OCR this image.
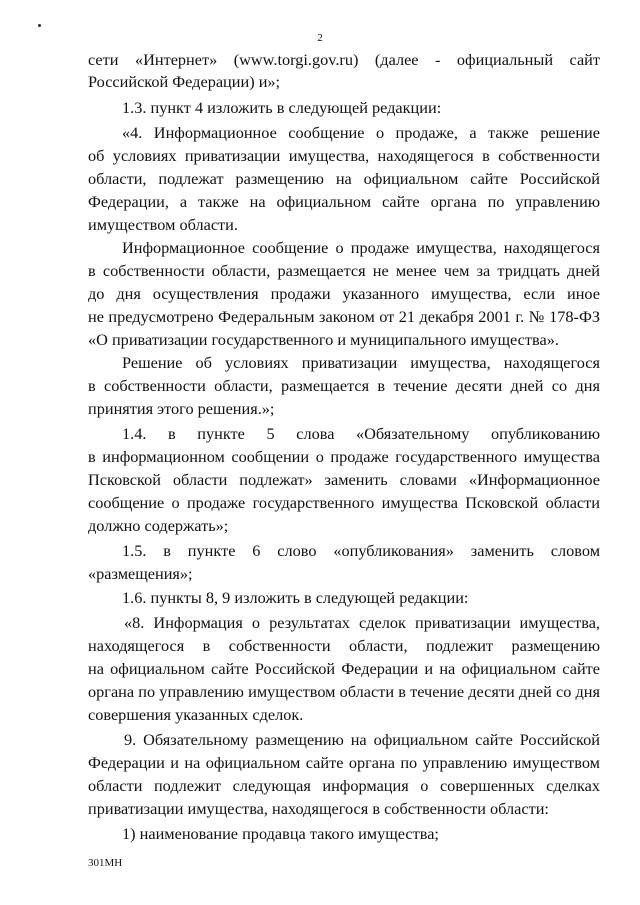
2
сети «Интернет» (www.torgi.gov.ru) (далее - официальный сайт
Российской Федерации) и»;
1.3. пункт 4 изложить в следующей редакции:
«4. Информационное сообщение о продаже, а также решение
об условиях приватизации имущества, находящегося в собственности
области, подлежат размещению на официальном сайте Российской
Федерации, а также на официальном сайте органа по управлению
имуществом области.
Информационное сообщение о продаже имущества, находящегося
в собственности области, размещается не менее чем за тридцать дней
до дня осуществления продажи указанного имущества, если иное
не предусмотрено Федеральным законом от 21 декабря 2001 г. № 178-ФЗ
«О приватизации государственного и муниципального имущества».
Решение об условиях приватизации имущества, находящегося
в собственности области, размещается в течение десяти дней со дня
принятия этого решения.»;
1.4. в пункте 5 слова «Обязательному опубликованию
в информационном сообщении о продаже государственного имущества
Псковской области подлежат» заменить словами «Информационное
сообщение о продаже государственного имущества Псковской области
должно содержать»;
1.5. в пункте 6 слово «опубликования» заменить словом
«размещения»;
1.6. пункты 8, 9 изложить в следующей редакции:
«8. Информация о результатах сделок приватизации имущества,
находящегося в собственности области, подлежит размещению
на официальном сайте Российской Федерации и на официальном сайте
органа по управлению имуществом области в течение десяти дней со дня
совершения указанных сделок.
9. Обязательному размещению на официальном сайте Российской
Федерации и на официальном сайте органа по управлению имуществом
области подлежит следующая информация о совершенных сделках
приватизации имущества, находящегося в собственности области:
1) наименование продавца такого имущества;
301МН
